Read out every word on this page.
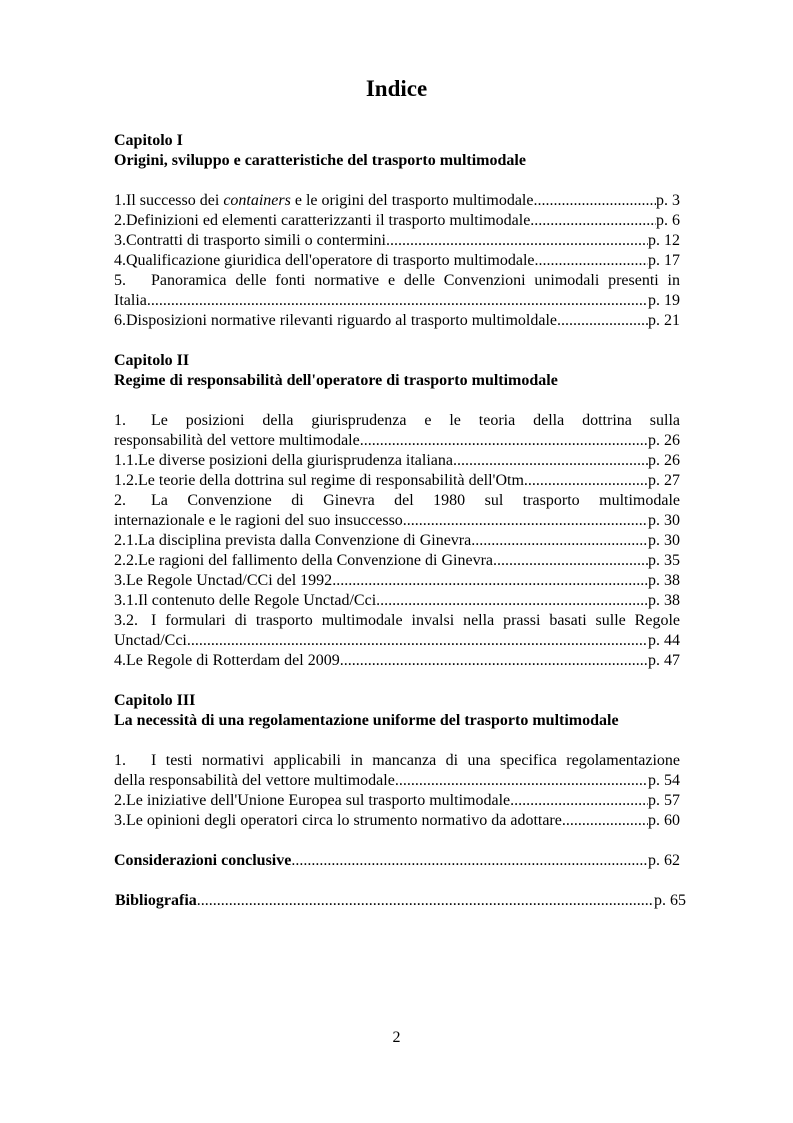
Indice
Capitolo I
Origini, sviluppo e caratteristiche del trasporto multimodale
1. Il successo dei containers e le origini del trasporto multimodale .....	p. 3
2. Definizioni ed elementi caratterizzanti il trasporto multimodale .....	p. 6
3. Contratti di trasporto simili o contermini .....	p. 12
4. Qualificazione giuridica dell'operatore di trasporto multimodale .....	p. 17
5. Panoramica delle fonti normative e delle Convenzioni unimodali presenti in
Italia .....	p. 19
6. Disposizioni normative rilevanti riguardo al trasporto multimoldale .....	p. 21
Capitolo II
Regime di responsabilità dell'operatore di trasporto multimodale
1. Le posizioni della giurisprudenza e le teoria della dottrina sulla
responsabilità del vettore multimodale .....	p. 26
1.1. Le diverse posizioni della giurisprudenza italiana .....	p. 26
1.2. Le teorie della dottrina sul regime di responsabilità dell'Otm .....	p. 27
2. La Convenzione di Ginevra del 1980 sul trasporto multimodale
internazionale e le ragioni del suo insuccesso .....	p. 30
2.1. La disciplina prevista dalla Convenzione di Ginevra .....	p. 30
2.2. Le ragioni del fallimento della Convenzione di Ginevra .....	p. 35
3. Le Regole Unctad/CCi del 1992 .....	p. 38
3.1. Il contenuto delle Regole Unctad/Cci .....	p. 38
3.2. I formulari di trasporto multimodale invalsi nella prassi basati sulle Regole
Unctad/Cci .....	p. 44
4. Le Regole di Rotterdam del 2009 .....	p. 47
Capitolo III
La necessità di una regolamentazione uniforme del trasporto multimodale
1. I testi normativi applicabili in mancanza di una specifica regolamentazione
della responsabilità del vettore multimodale .....	p. 54
2. Le iniziative dell'Unione Europea sul trasporto multimodale .....	p. 57
3. Le opinioni degli operatori circa lo strumento normativo da adottare.. .....	p. 60
Considerazioni conclusive .....	p. 62
Bibliografia .....	p. 65
2
